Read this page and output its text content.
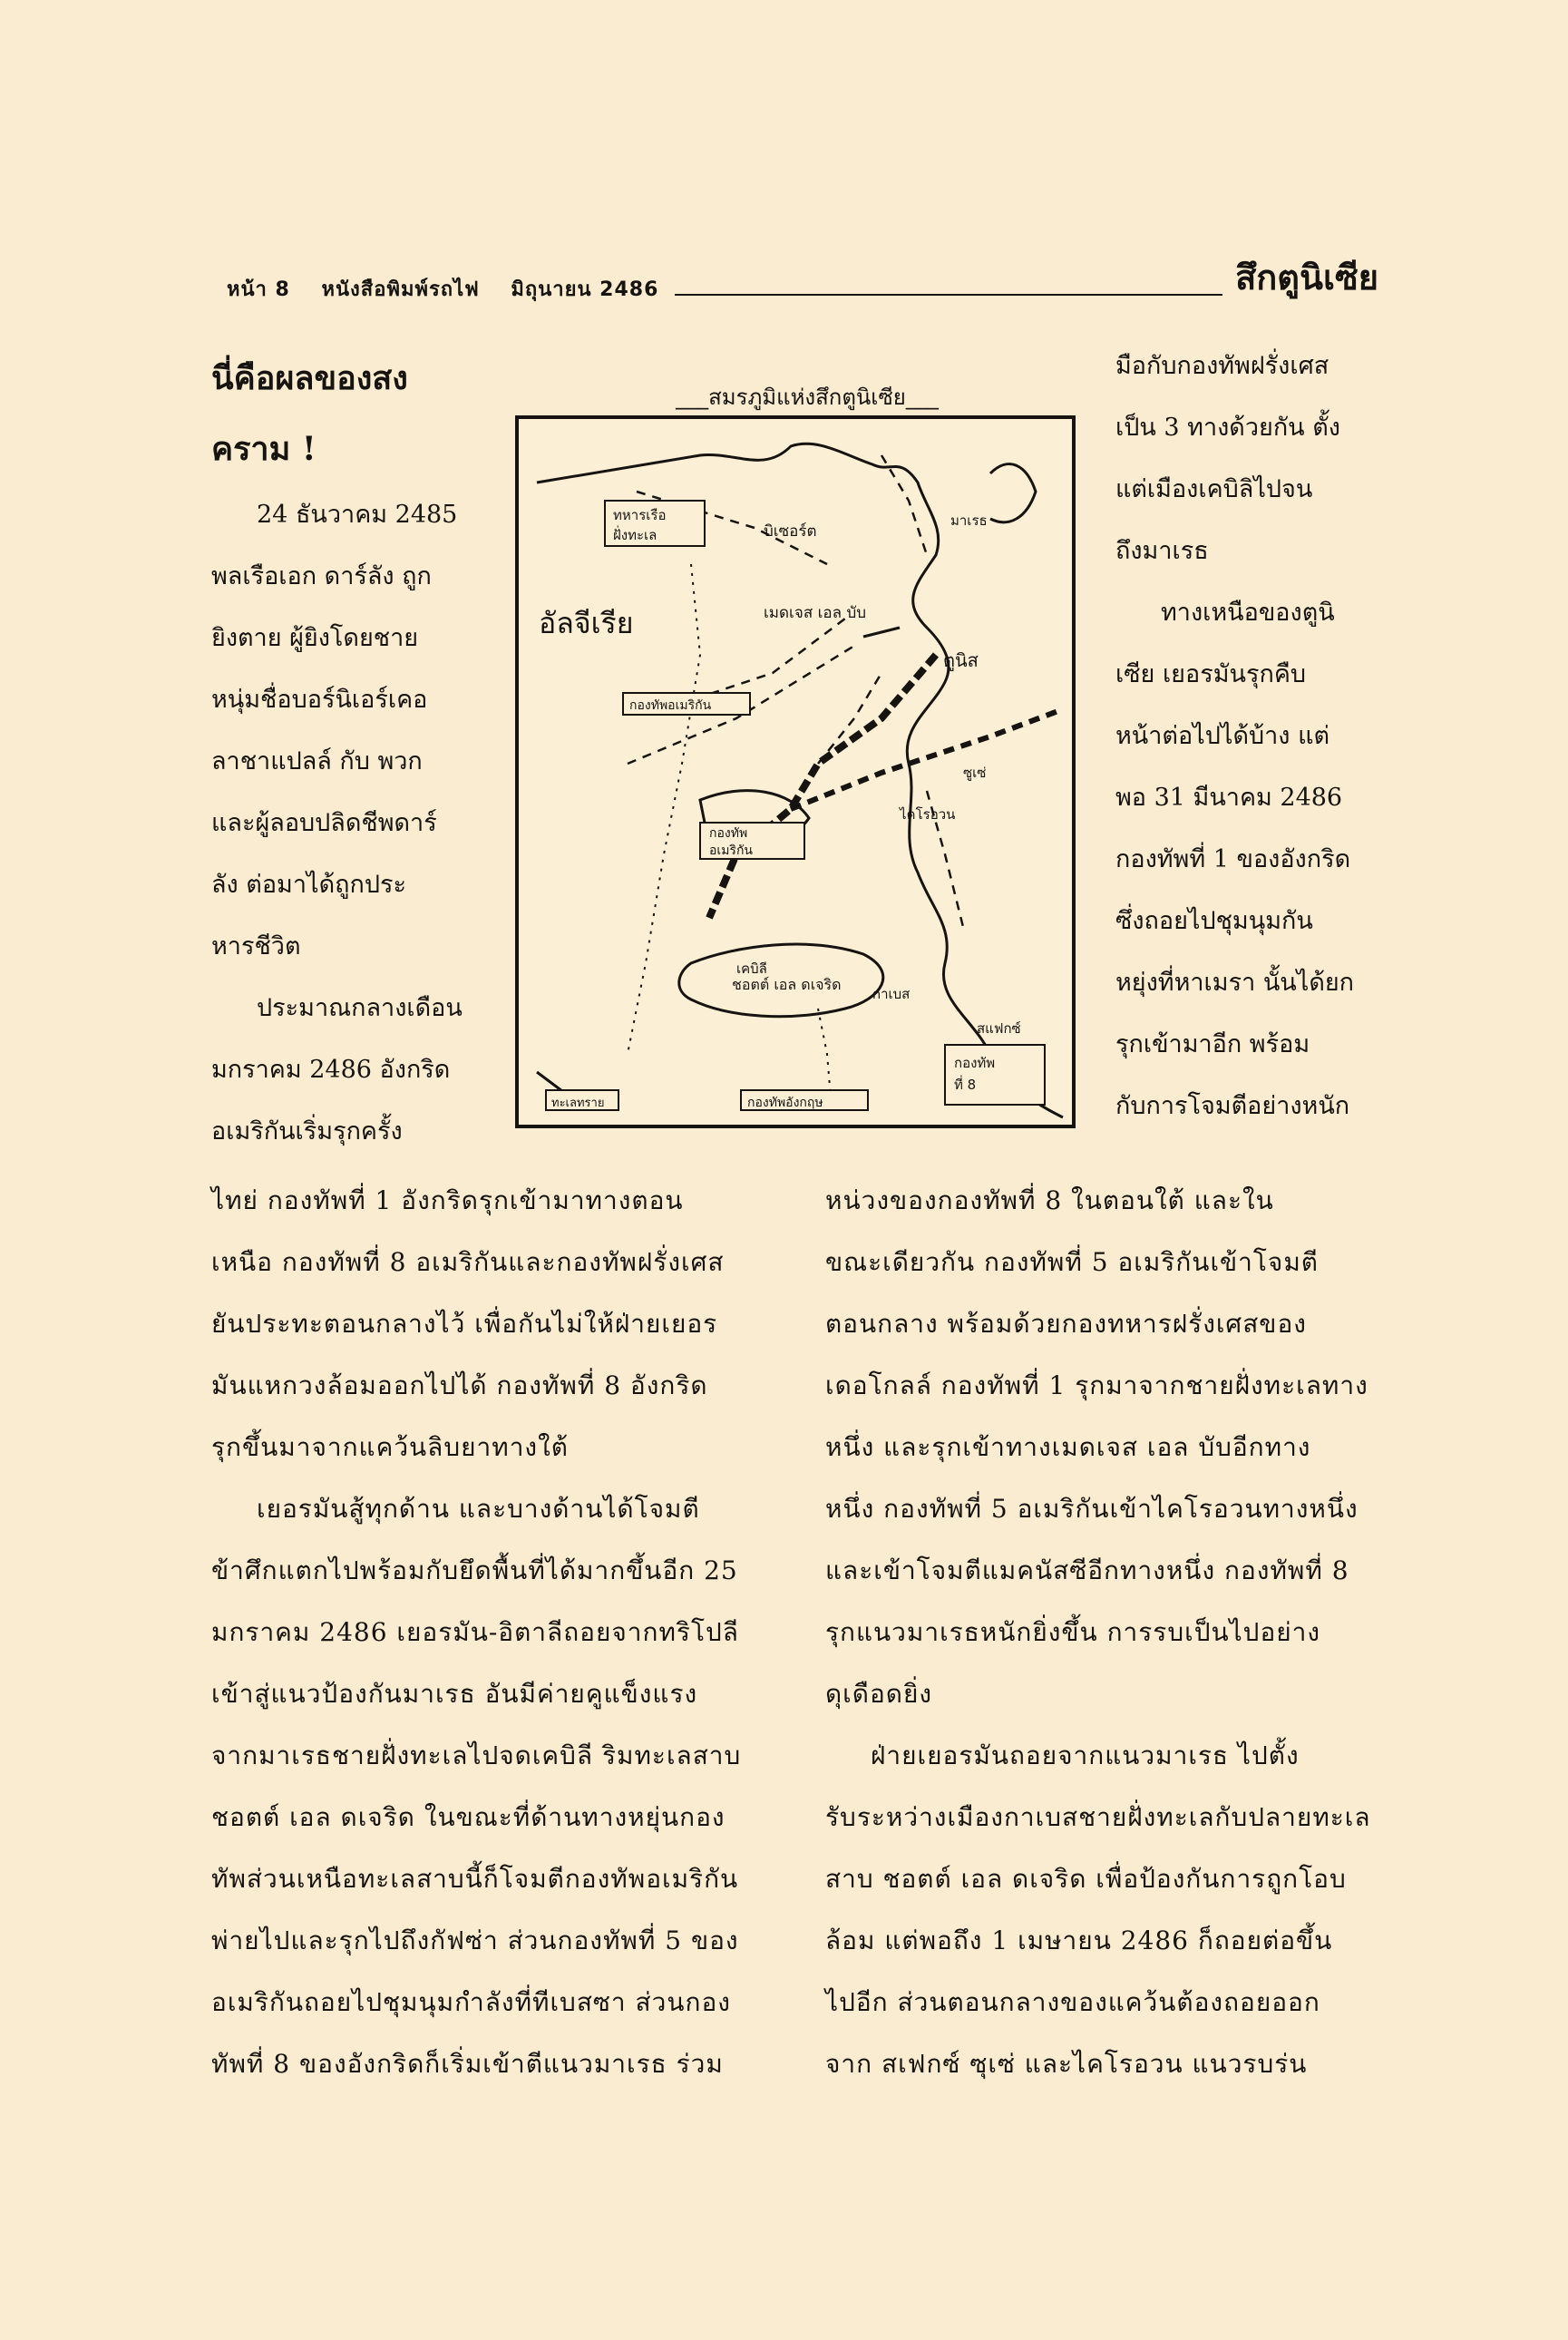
หน้า 8 หนังสือพิมพ์รถไฟ มิถุนายน 2486	สึกตูนิเซีย
นี่คือผลของสง
คราม !
24 ธันวาคม 2485
พลเรือเอก ดาร์ลัง ถูก
ยิงตาย ผู้ยิงโดยชาย
หนุ่มชื่อบอร์นิเอร์เคอ
ลาชาแปลล์ กับ พวก
และผู้ลอบปลิดชีพดาร์
ลัง ต่อมาได้ถูกประ
หารชีวิต
ประมาณกลางเดือน
มกราคม 2486 อังกริด
อเมริกันเริ่มรุกครั้ง
___สมรภูมิแห่งสึกตูนิเซีย___
อัลจีเรีย
ตูนิส
บิเซอร์ต
เมดเจส เอล บับ
ซูเซ่
ไคโรอวน
สแฟกซ์
กาเบส
มาเรธ
เคบิลี
ชอตต์ เอล ดเจริด
ทหารเรือ
ฝั่งทะเล
กองทัพอเมริกัน
กองทัพ
อเมริกัน
ทะเลทราย	กองทัพอังกฤษ
กองทัพ
ที่ 8
มือกับกองทัพฝรั่งเศส
เป็น 3 ทางด้วยกัน ตั้ง
แต่เมืองเคบิลิไปจน
ถึงมาเรธ
ทางเหนือของตูนิ
เซีย เยอรมันรุกคืบ
หน้าต่อไปได้บ้าง แต่
พอ 31 มีนาคม 2486
กองทัพที่ 1 ของอังกริด
ซึ่งถอยไปชุมนุมกัน
หยุ่งที่หาเมรา นั้นได้ยก
รุกเข้ามาอีก พร้อม
กับการโจมตีอย่างหนัก
ไทย่ กองทัพที่ 1 อังกริดรุกเข้ามาทางตอน
เหนือ กองทัพที่ 8 อเมริกันและกองทัพฝรั่งเศส
ยันประทะตอนกลางไว้ เพื่อกันไม่ให้ฝ่ายเยอร
มันแหกวงล้อมออกไปได้ กองทัพที่ 8 อังกริด
รุกขึ้นมาจากแคว้นลิบยาทางใต้
เยอรมันสู้ทุกด้าน และบางด้านได้โจมตี
ข้าศึกแตกไปพร้อมกับยึดพื้นที่ได้มากขึ้นอีก 25
มกราคม 2486 เยอรมัน-อิตาลีถอยจากทริโปลี
เข้าสู่แนวป้องกันมาเรธ อันมีค่ายคูแข็งแรง
จากมาเรธชายฝั่งทะเลไปจดเคบิลี ริมทะเลสาบ
ชอตต์ เอล ดเจริด ในขณะที่ด้านทางหยุ่นกอง
ทัพส่วนเหนือทะเลสาบนี้ก็โจมตีกองทัพอเมริกัน
พ่ายไปและรุกไปถึงกัฟซ่า ส่วนกองทัพที่ 5 ของ
อเมริกันถอยไปชุมนุมกำลังที่ทีเบสซา ส่วนกอง
ทัพที่ 8 ของอังกริดก็เริ่มเข้าตีแนวมาเรธ ร่วม
หน่วงของกองทัพที่ 8 ในตอนใต้ และใน
ขณะเดียวกัน กองทัพที่ 5 อเมริกันเข้าโจมตี
ตอนกลาง พร้อมด้วยกองทหารฝรั่งเศสของ
เดอโกลล์ กองทัพที่ 1 รุกมาจากชายฝั่งทะเลทาง
หนึ่ง และรุกเข้าทางเมดเจส เอล บับอีกทาง
หนึ่ง กองทัพที่ 5 อเมริกันเข้าไคโรอวนทางหนึ่ง
และเข้าโจมตีแมคนัสซีอีกทางหนึ่ง กองทัพที่ 8
รุกแนวมาเรธหนักยิ่งขึ้น การรบเป็นไปอย่าง
ดุเดือดยิ่ง
ฝ่ายเยอรมันถอยจากแนวมาเรธ ไปตั้ง
รับระหว่างเมืองกาเบสชายฝั่งทะเลกับปลายทะเล
สาบ ชอตต์ เอล ดเจริด เพื่อป้องกันการถูกโอบ
ล้อม แต่พอถึง 1 เมษายน 2486 ก็ถอยต่อขึ้น
ไปอีก ส่วนตอนกลางของแคว้นต้องถอยออก
จาก สเฟกซ์ ซุเซ่ และไคโรอวน แนวรบร่น
